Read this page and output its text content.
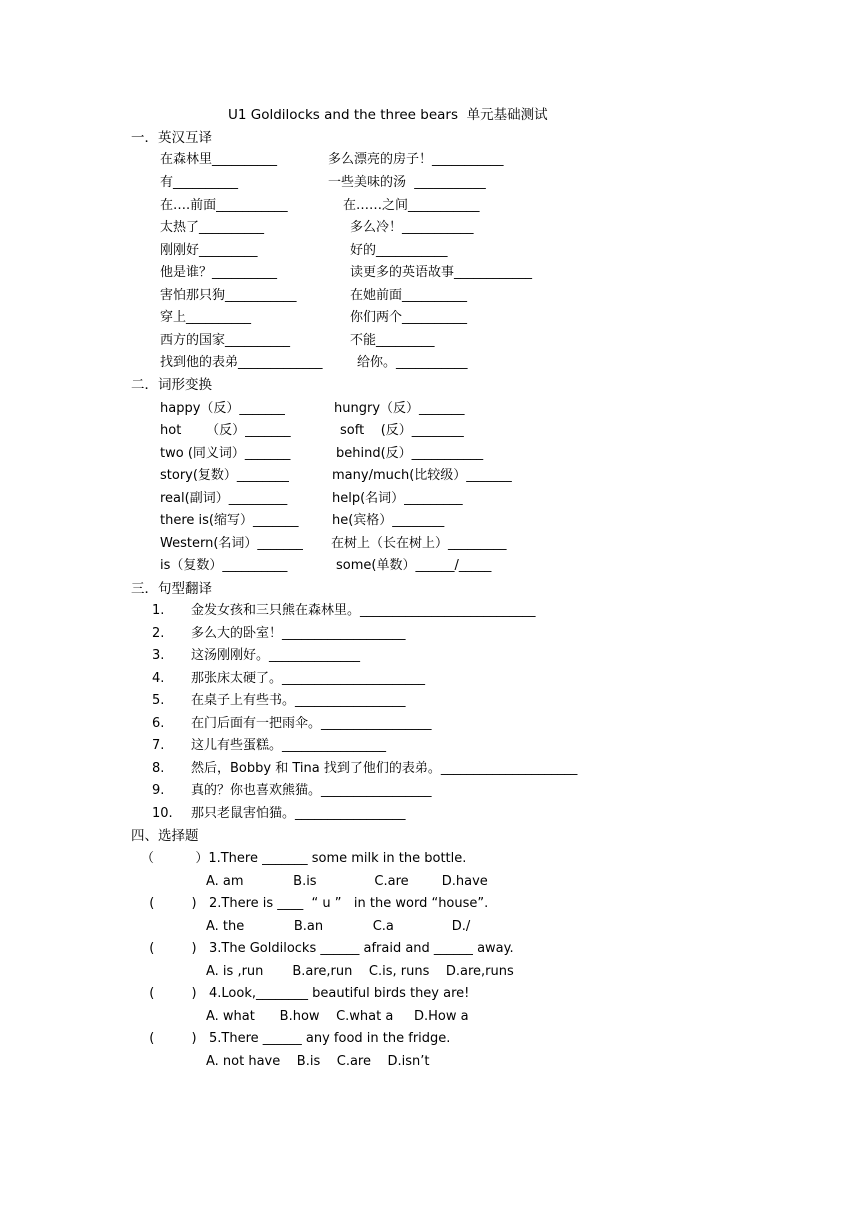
U1 Goldilocks and the three bears  单元基础测试
一．英汉互译
在森林里__________	多么漂亮的房子！___________
有__________	一些美味的汤  ___________
在….前面___________	在……之间___________
太热了__________	多么冷！___________
刚刚好_________	好的___________
他是谁？__________	读更多的英语故事____________
害怕那只狗___________	在她前面__________
穿上__________	你们两个__________
西方的国家__________	不能_________
找到他的表弟_____________	给你。___________
二．词形变换
happy（反）_______	hungry（反）_______
hot      （反）_______	soft    (反）________
two (同义词）_______	behind(反）___________
story(复数）________	many/much(比较级）_______
real(副词）_________	help(名词）_________
there is(缩写）_______	he(宾格）________
Western(名词）_______ 在树上（长在树上）_________
is（复数）__________	some(单数）______/_____
三．句型翻译
1.	金发女孩和三只熊在森林里。___________________________
2.	多么大的卧室！___________________
3.	这汤刚刚好。______________
4.	那张床太硬了。______________________
5.	在桌子上有些书。_________________
6.	在门后面有一把雨伞。_________________
7.	这儿有些蛋糕。________________
8.	然后，Bobby 和 Tina 找到了他们的表弟。_____________________
9.	真的？你也喜欢熊猫。_________________
10. 那只老鼠害怕猫。_________________
四、选择题
（          ）1.There _______ some milk in the bottle.
A. am            B.is              C.are        D.have
(         )   2.There is ____  “ u ”   in the word “house”.
A. the            B.an            C.a              D./
(         )   3.The Goldilocks ______ afraid and ______ away.
A. is ,run       B.are,run    C.is, runs    D.are,runs
(         )   4.Look,________ beautiful birds they are!
A. what      B.how    C.what a     D.How a
(         )   5.There ______ any food in the fridge.
A. not have    B.is    C.are    D.isn’t
